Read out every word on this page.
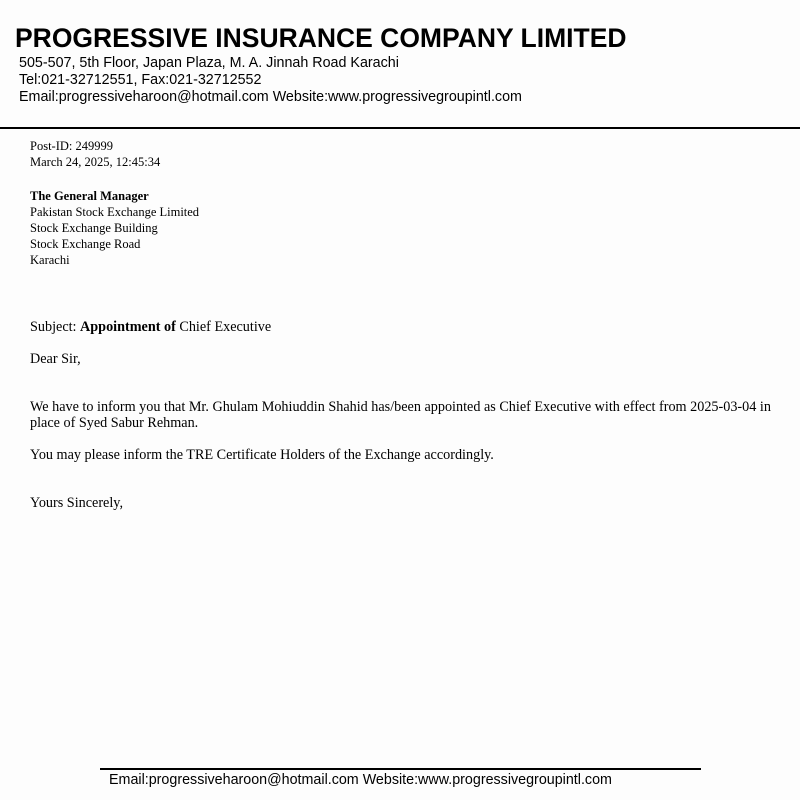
PROGRESSIVE INSURANCE COMPANY LIMITED
505-507, 5th Floor, Japan Plaza, M. A. Jinnah Road Karachi
Tel:021-32712551, Fax:021-32712552
Email:progressiveharoon@hotmail.com Website:www.progressivegroupintl.com
Post-ID: 249999
March 24, 2025, 12:45:34
The General Manager
Pakistan Stock Exchange Limited
Stock Exchange Building
Stock Exchange Road
Karachi
Subject: Appointment of Chief Executive
Dear Sir,
We have to inform you that Mr. Ghulam Mohiuddin Shahid has/been appointed as Chief Executive with effect from 2025-03-04 in place of Syed Sabur Rehman.
You may please inform the TRE Certificate Holders of the Exchange accordingly.
Yours Sincerely,
Email:progressiveharoon@hotmail.com Website:www.progressivegroupintl.com
